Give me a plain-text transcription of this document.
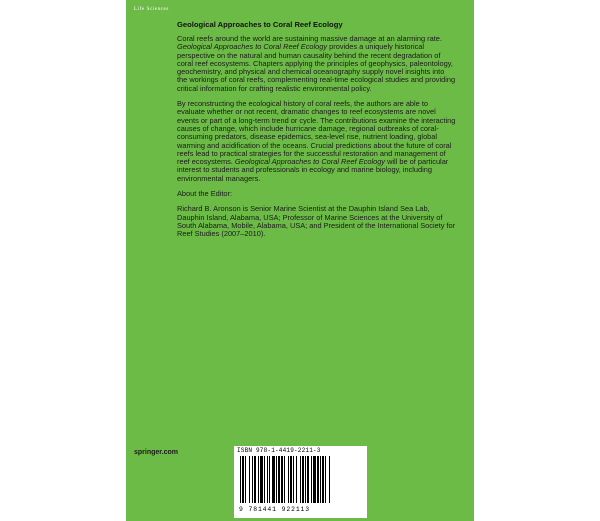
Life Sciences
Geological Approaches to Coral Reef Ecology

Coral reefs around the world are sustaining massive damage at an alarming rate. Geological Approaches to Coral Reef Ecology provides a uniquely historical perspective on the natural and human causality behind the recent degradation of coral reef ecosystems. Chapters applying the principles of geophysics, paleontology, geochemistry, and physical and chemical oceanography supply novel insights into the workings of coral reefs, complementing real-time ecological studies and providing critical information for crafting realistic environmental policy.

By reconstructing the ecological history of coral reefs, the authors are able to evaluate whether or not recent, dramatic changes to reef ecosystems are novel events or part of a long-term trend or cycle. The contributions examine the interacting causes of change, which include hurricane damage, regional outbreaks of coral-consuming predators, disease epidemics, sea-level rise, nutrient loading, global warming and acidification of the oceans. Crucial predictions about the future of coral reefs lead to practical strategies for the successful restoration and management of reef ecosystems. Geological Approaches to Coral Reef Ecology will be of particular interest to students and professionals in ecology and marine biology, including environmental managers.

About the Editor:

Richard B. Aronson is Senior Marine Scientist at the Dauphin Island Sea Lab, Dauphin Island, Alabama, USA; Professor of Marine Sciences at the University of South Alabama, Mobile, Alabama, USA; and President of the International Society for Reef Studies (2007–2010).

springer.com	ISBN 978-1-4419-2211-3
9 781441 922113
